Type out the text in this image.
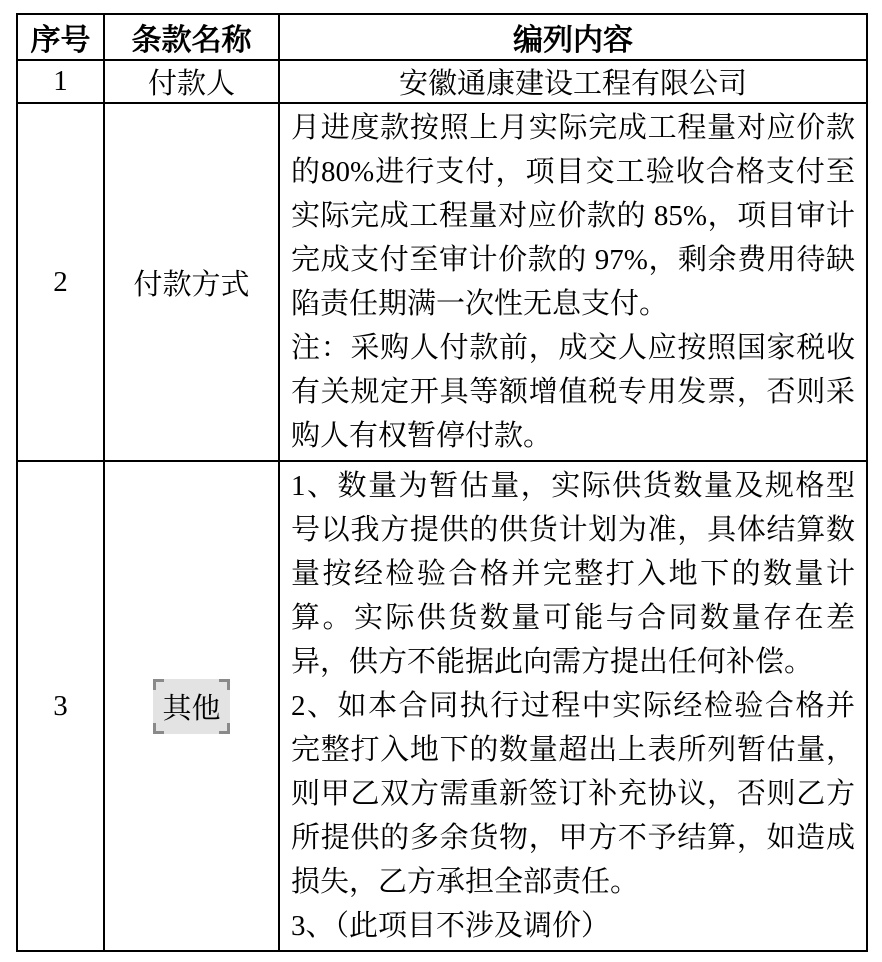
序号	条款名称	编列内容
1	付款人	安徽通康建设工程有限公司
2	付款方式	月进度款按照上月实际完成工程量对应价款的80%进行支付，项目交工验收合格支付至实际完成工程量对应价款的 85%，项目审计完成支付至审计价款的 97%，剩余费用待缺陷责任期满一次性无息支付。

注：采购人付款前，成交人应按照国家税收有关规定开具等额增值税专用发票，否则采购人有权暂停付款。

3	其他	1、数量为暂估量，实际供货数量及规格型号以我方提供的供货计划为准，具体结算数量按经检验合格并完整打入地下的数量计算。实际供货数量可能与合同数量存在差异，供方不能据此向需方提出任何补偿。

2、如本合同执行过程中实际经检验合格并完整打入地下的数量超出上表所列暂估量，则甲乙双方需重新签订补充协议，否则乙方所提供的多余货物，甲方不予结算，如造成损失，乙方承担全部责任。

3、（此项目不涉及调价）
